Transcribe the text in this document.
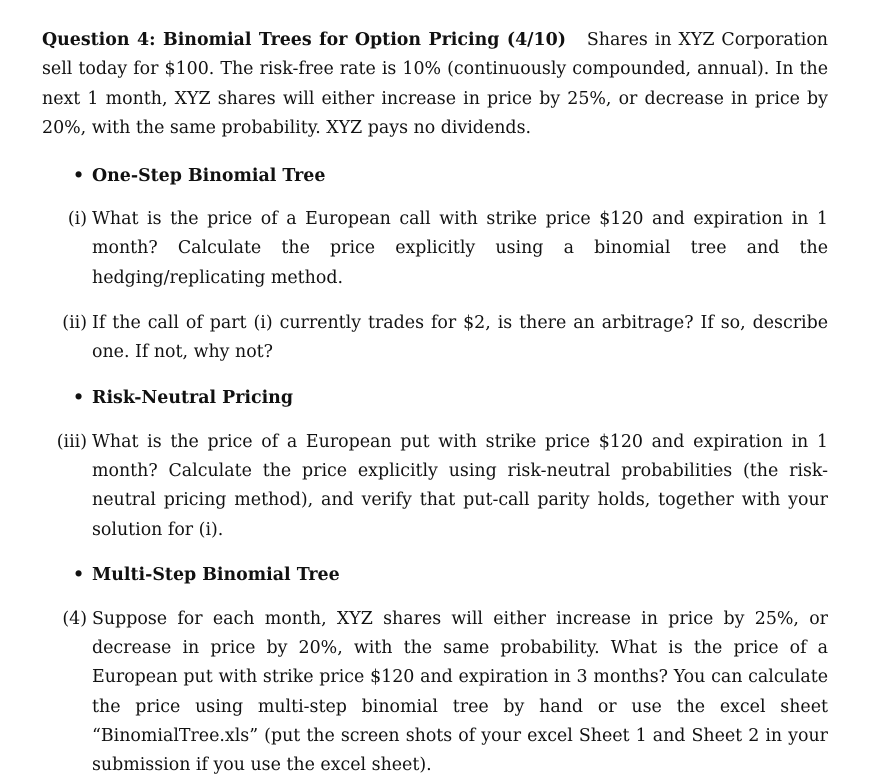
Question 4: Binomial Trees for Option Pricing (4/10) Shares in XYZ Corporation sell today for $100. The risk-free rate is 10% (continuously compounded, annual). In the next 1 month, XYZ shares will either increase in price by 25%, or decrease in price by 20%, with the same probability. XYZ pays no dividends.

• One-Step Binomial Tree

(i) What is the price of a European call with strike price $120 and expiration in 1 month? Calculate the price explicitly using a binomial tree and the hedging/replicating method.
(ii) If the call of part (i) currently trades for $2, is there an arbitrage? If so, describe one. If not, why not?

• Risk-Neutral Pricing

(iii) What is the price of a European put with strike price $120 and expiration in 1 month? Calculate the price explicitly using risk-neutral probabilities (the risk-neutral pricing method), and verify that put-call parity holds, together with your solution for (i).

• Multi-Step Binomial Tree

(4) Suppose for each month, XYZ shares will either increase in price by 25%, or decrease in price by 20%, with the same probability. What is the price of a European put with strike price $120 and expiration in 3 months? You can calculate the price using multi-step binomial tree by hand or use the excel sheet “BinomialTree.xls” (put the screen shots of your excel Sheet 1 and Sheet 2 in your submission if you use the excel sheet).
